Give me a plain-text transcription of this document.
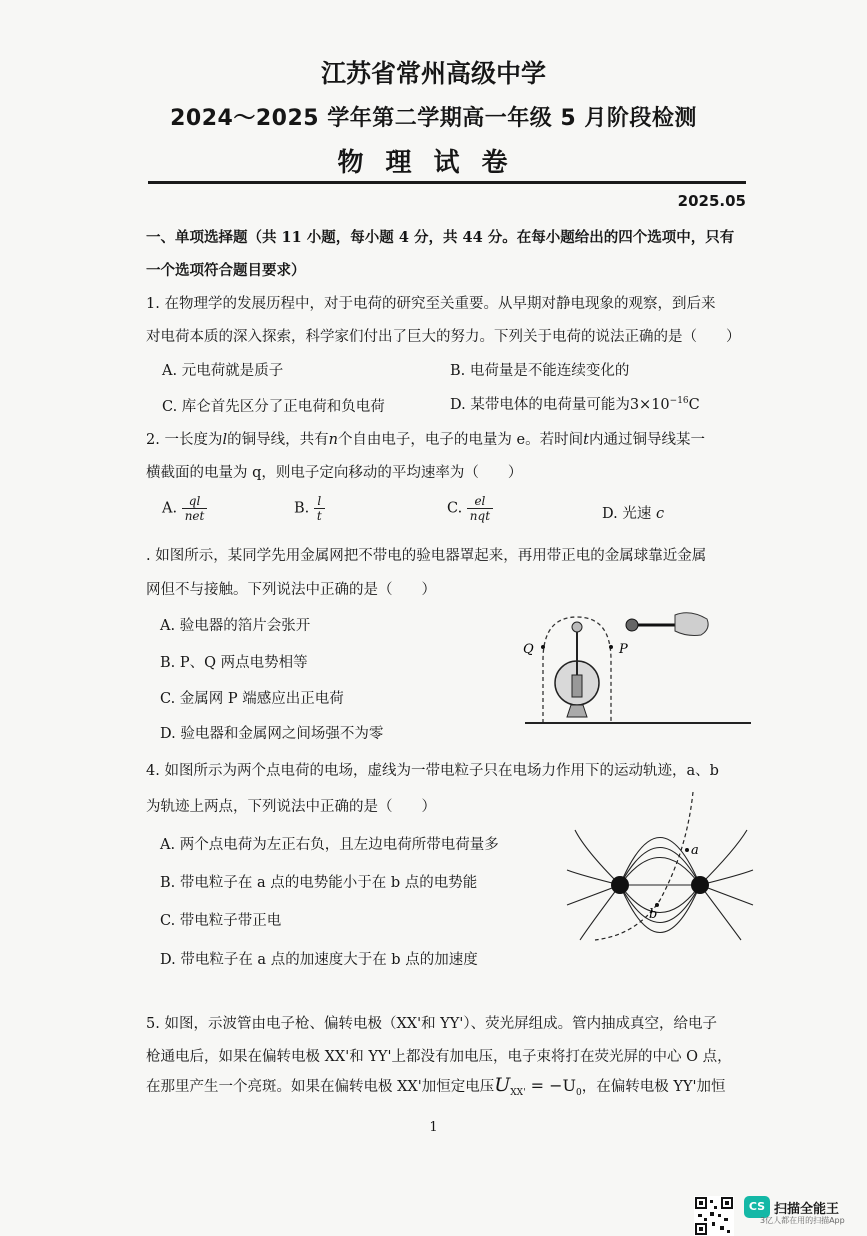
江苏省常州高级中学
2024～2025 学年第二学期高一年级 5 月阶段检测
物理试卷
2025.05
一、单项选择题（共 11 小题，每小题 4 分，共 44 分。在每小题给出的四个选项中，只有
一个选项符合题目要求）
1. 在物理学的发展历程中，对于电荷的研究至关重要。从早期对静电现象的观察，到后来
对电荷本质的深入探索，科学家们付出了巨大的努力。下列关于电荷的说法正确的是（　　）
A. 元电荷就是质子	B. 电荷量是不能连续变化的
C. 库仑首先区分了正电荷和负电荷	D. 某带电体的电荷量可能为$3\times 10^{-16}C$
2. 一长度为l的铜导线，共有n个自由电子，电子的电量为 e。若时间t内通过铜导线某一
横截面的电量为 q，则电子定向移动的平均速率为（　　）
A. $\frac{ql}{\text{net}}$	B. $\frac{l}{t}$	C. $\frac{el}{\text{nqt}}$	D. 光速 c
. 如图所示，某同学先用金属网把不带电的验电器罩起来，再用带正电的金属球靠近金属
网但不与接触。下列说法中正确的是（　　）
A. 验电器的箔片会张开
B. P、Q 两点电势相等
C. 金属网 P 端感应出正电荷
D. 验电器和金属网之间场强不为零
Q	P
4. 如图所示为两个点电荷的电场，虚线为一带电粒子只在电场力作用下的运动轨迹，a、b
为轨迹上两点，下列说法中正确的是（　　）
A. 两个点电荷为左正右负，且左边电荷所带电荷量多
B. 带电粒子在 a 点的电势能小于在 b 点的电势能
C. 带电粒子带正电
D. 带电粒子在 a 点的加速度大于在 b 点的加速度
a
b
5. 如图，示波管由电子枪、偏转电极（XX'和 YY'）、荧光屏组成。管内抽成真空，给电子
枪通电后，如果在偏转电极 XX'和 YY'上都没有加电压，电子束将打在荧光屏的中心 O 点，
在那里产生一个亮斑。如果在偏转电极 XX'加恒定电压$U_{XX'} = -U_0$，在偏转电极 YY'加恒
1
CS 扫描全能王
3亿人都在用的扫描App
